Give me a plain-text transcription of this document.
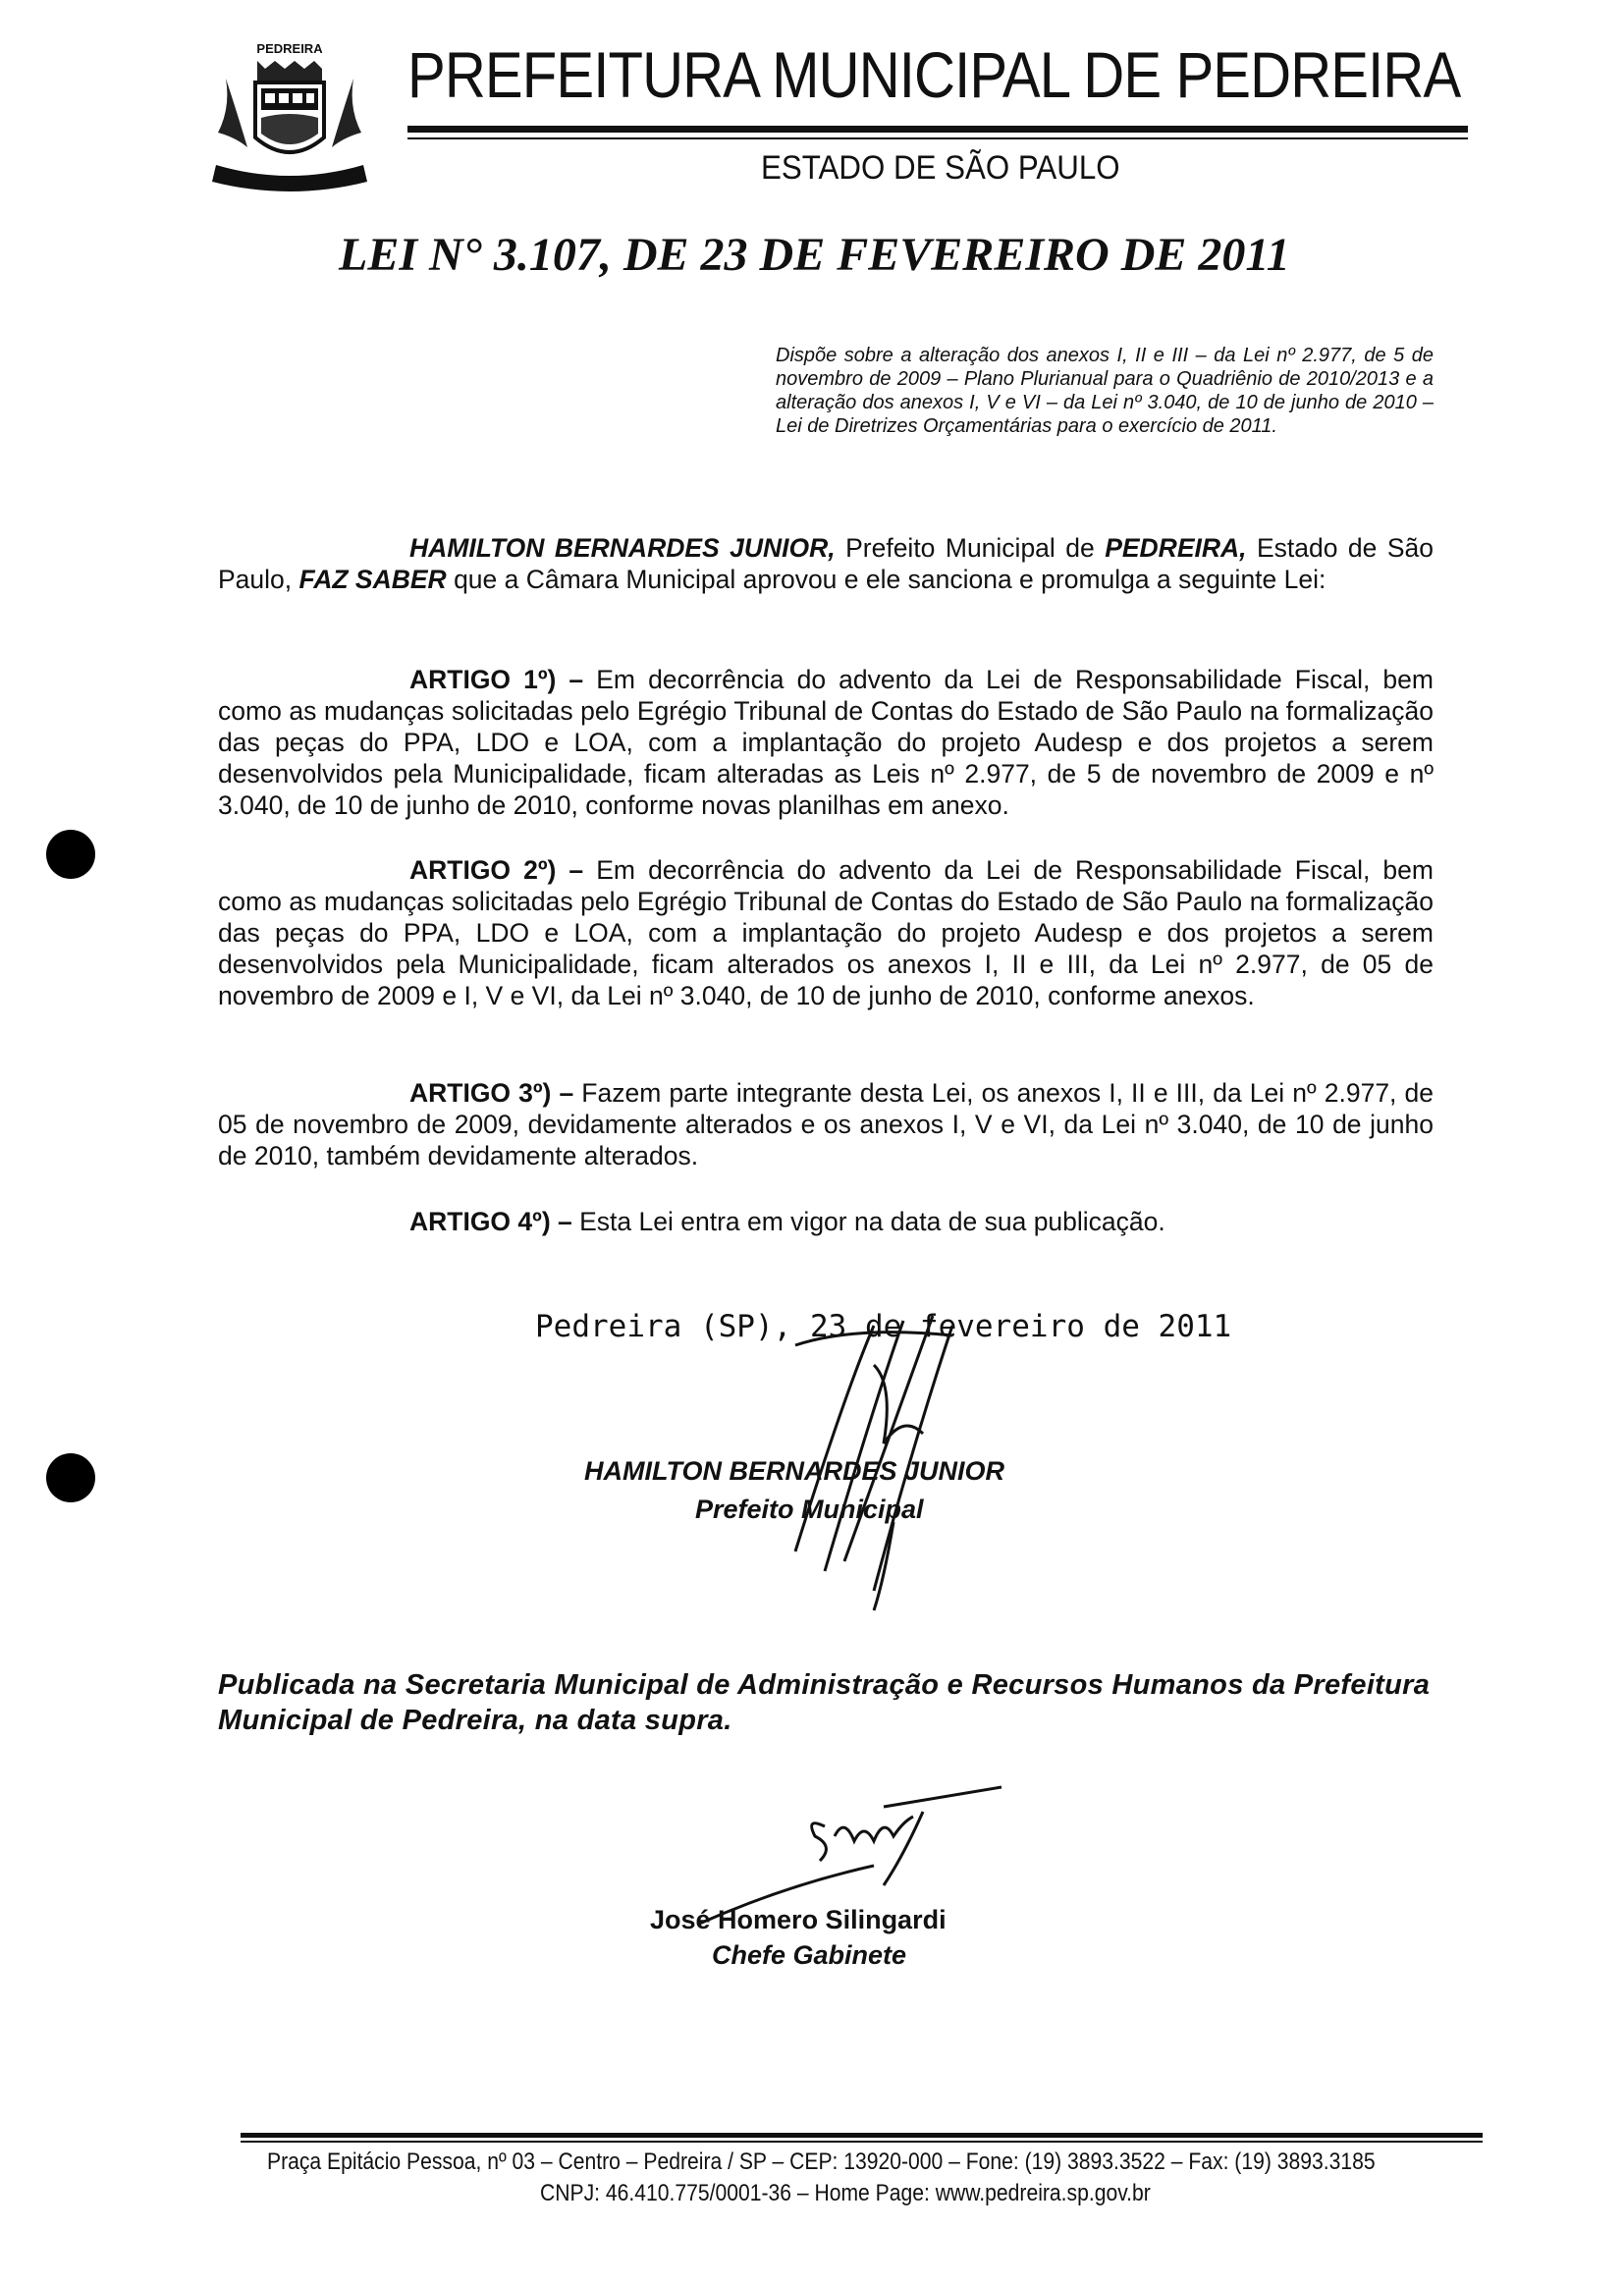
PEDREIRA PREFEITURA MUNICIPAL DE PEDREIRA
ESTADO DE SÃO PAULO
LEI N° 3.107, DE 23 DE FEVEREIRO DE 2011
Dispõe sobre a alteração dos anexos I, II e III – da Lei nº 2.977, de 5 de novembro de 2009 – Plano Plurianual para o Quadriênio de 2010/2013 e a alteração dos anexos I, V e VI – da Lei nº 3.040, de 10 de junho de 2010 – Lei de Diretrizes Orçamentárias para o exercício de 2011.
HAMILTON BERNARDES JUNIOR, Prefeito Municipal de PEDREIRA, Estado de São Paulo, FAZ SABER que a Câmara Municipal aprovou e ele sanciona e promulga a seguinte Lei:
ARTIGO 1º) – Em decorrência do advento da Lei de Responsabilidade Fiscal, bem como as mudanças solicitadas pelo Egrégio Tribunal de Contas do Estado de São Paulo na formalização das peças do PPA, LDO e LOA, com a implantação do projeto Audesp e dos projetos a serem desenvolvidos pela Municipalidade, ficam alteradas as Leis nº 2.977, de 5 de novembro de 2009 e nº 3.040, de 10 de junho de 2010, conforme novas planilhas em anexo.
ARTIGO 2º) – Em decorrência do advento da Lei de Responsabilidade Fiscal, bem como as mudanças solicitadas pelo Egrégio Tribunal de Contas do Estado de São Paulo na formalização das peças do PPA, LDO e LOA, com a implantação do projeto Audesp e dos projetos a serem desenvolvidos pela Municipalidade, ficam alterados os anexos I, II e III, da Lei nº 2.977, de 05 de novembro de 2009 e I, V e VI, da Lei nº 3.040, de 10 de junho de 2010, conforme anexos.
ARTIGO 3º) – Fazem parte integrante desta Lei, os anexos I, II e III, da Lei nº 2.977, de 05 de novembro de 2009, devidamente alterados e os anexos I, V e VI, da Lei nº 3.040, de 10 de junho de 2010, também devidamente alterados.
ARTIGO 4º) – Esta Lei entra em vigor na data de sua publicação.
Pedreira (SP), 23 de fevereiro de 2011
HAMILTON BERNARDES JUNIOR
Prefeito Municipal
Publicada na Secretaria Municipal de Administração e Recursos Humanos da Prefeitura Municipal de Pedreira, na data supra.
José Homero Silingardi
Chefe Gabinete
Praça Epitácio Pessoa, nº 03 – Centro – Pedreira / SP – CEP: 13920-000 – Fone: (19) 3893.3522 – Fax: (19) 3893.3185
CNPJ: 46.410.775/0001-36 – Home Page: www.pedreira.sp.gov.br
